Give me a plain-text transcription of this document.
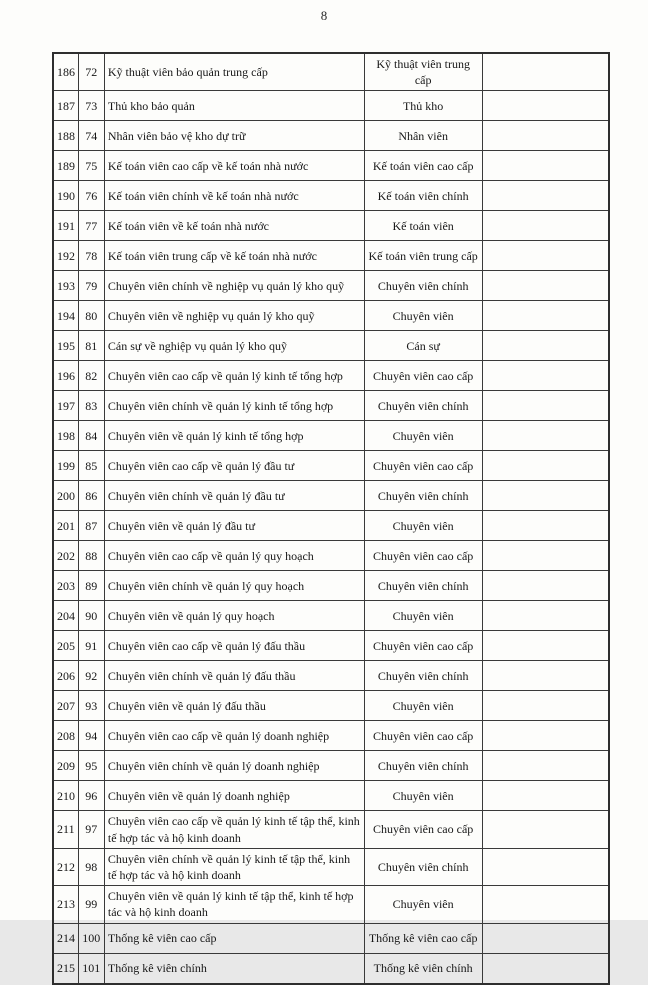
8
186	72	Kỹ thuật viên bảo quản trung cấp	Kỹ thuật viên trung cấp	
187	73	Thủ kho bảo quản	Thủ kho	
188	74	Nhân viên bảo vệ kho dự trữ	Nhân viên	
189	75	Kế toán viên cao cấp về kế toán nhà nước	Kế toán viên cao cấp	
190	76	Kế toán viên chính về kế toán nhà nước	Kế toán viên chính	
191	77	Kế toán viên về kế toán nhà nước	Kế toán viên	
192	78	Kế toán viên trung cấp về kế toán nhà nước	Kế toán viên trung cấp	
193	79	Chuyên viên chính về nghiệp vụ quản lý kho quỹ	Chuyên viên chính	
194	80	Chuyên viên về nghiệp vụ quản lý kho quỹ	Chuyên viên	
195	81	Cán sự về nghiệp vụ quản lý kho quỹ	Cán sự	
196	82	Chuyên viên cao cấp về quản lý kinh tế tổng hợp	Chuyên viên cao cấp	
197	83	Chuyên viên chính về quản lý kinh tế tổng hợp	Chuyên viên chính	
198	84	Chuyên viên về quản lý kinh tế tổng hợp	Chuyên viên	
199	85	Chuyên viên cao cấp về quản lý đầu tư	Chuyên viên cao cấp	
200	86	Chuyên viên chính về quản lý đầu tư	Chuyên viên chính	
201	87	Chuyên viên về quản lý đầu tư	Chuyên viên	
202	88	Chuyên viên cao cấp về quản lý quy hoạch	Chuyên viên cao cấp	
203	89	Chuyên viên chính về quản lý quy hoạch	Chuyên viên chính	
204	90	Chuyên viên về quản lý quy hoạch	Chuyên viên	
205	91	Chuyên viên cao cấp về quản lý đấu thầu	Chuyên viên cao cấp	
206	92	Chuyên viên chính về quản lý đấu thầu	Chuyên viên chính	
207	93	Chuyên viên về quản lý đấu thầu	Chuyên viên	
208	94	Chuyên viên cao cấp về quản lý doanh nghiệp	Chuyên viên cao cấp	
209	95	Chuyên viên chính về quản lý doanh nghiệp	Chuyên viên chính	
210	96	Chuyên viên về quản lý doanh nghiệp	Chuyên viên	
211	97	Chuyên viên cao cấp về quản lý kinh tế tập thể, kinh tế hợp tác và hộ kinh doanh	Chuyên viên cao cấp	
212	98	Chuyên viên chính về quản lý kinh tế tập thể, kinh tế hợp tác và hộ kinh doanh	Chuyên viên chính	
213	99	Chuyên viên về quản lý kinh tế tập thể, kinh tế hợp tác và hộ kinh doanh	Chuyên viên	
214	100	Thống kê viên cao cấp	Thống kê viên cao cấp	
215	101	Thống kê viên chính	Thống kê viên chính	
